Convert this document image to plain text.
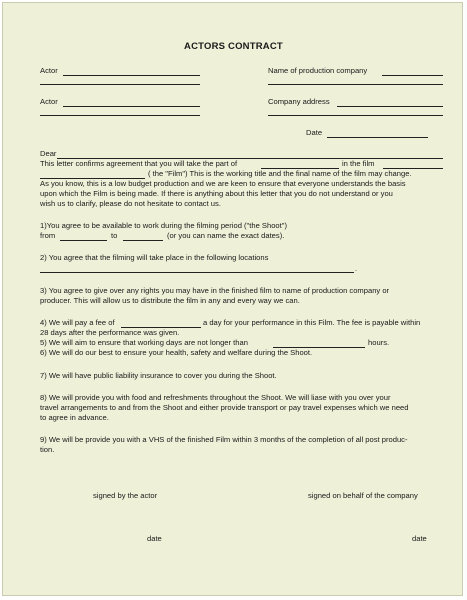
ACTORS CONTRACT
Actor	Name of production company
Actor	Company address
Date
Dear
This letter confirms agreement that you will take the part of	in the film
( the "Film") This is the working title and the final name of the film may change.
As you know, this is a low budget production and we are keen to ensure that everyone understands the basis
upon which the Film is being made. If there is anything about this letter that you do not understand or you
wish us to clarify, please do not hesitate to contact us.
1)You agree to be available to work during the filming period ("the Shoot")
from	to	(or you can name the exact dates).
2) You agree that the filming will take place in the following locations
.
3) You agree to give over any rights you may have in the finished film to name of production company or
producer. This will allow us to distribute the film in any and every way we can.
4) We will pay a fee of	a day for your performance in this Film. The fee is payable within
28 days after the performance was given.
5) We will aim to ensure that working days are not longer than	hours.
6) We will do our best to ensure your health, safety and welfare during the Shoot.
7) We will have public liability insurance to cover you during the Shoot.
8) We will provide you with food and refreshments throughout the Shoot. We will liase with you over your
travel arrangements to and from the Shoot and either provide transport or pay travel expenses which we need
to agree in advance.
9) We will be provide you with a VHS of the finished Film within 3 months of the completion of all post produc-
tion.
signed by the actor	signed on behalf of the company
date	date
